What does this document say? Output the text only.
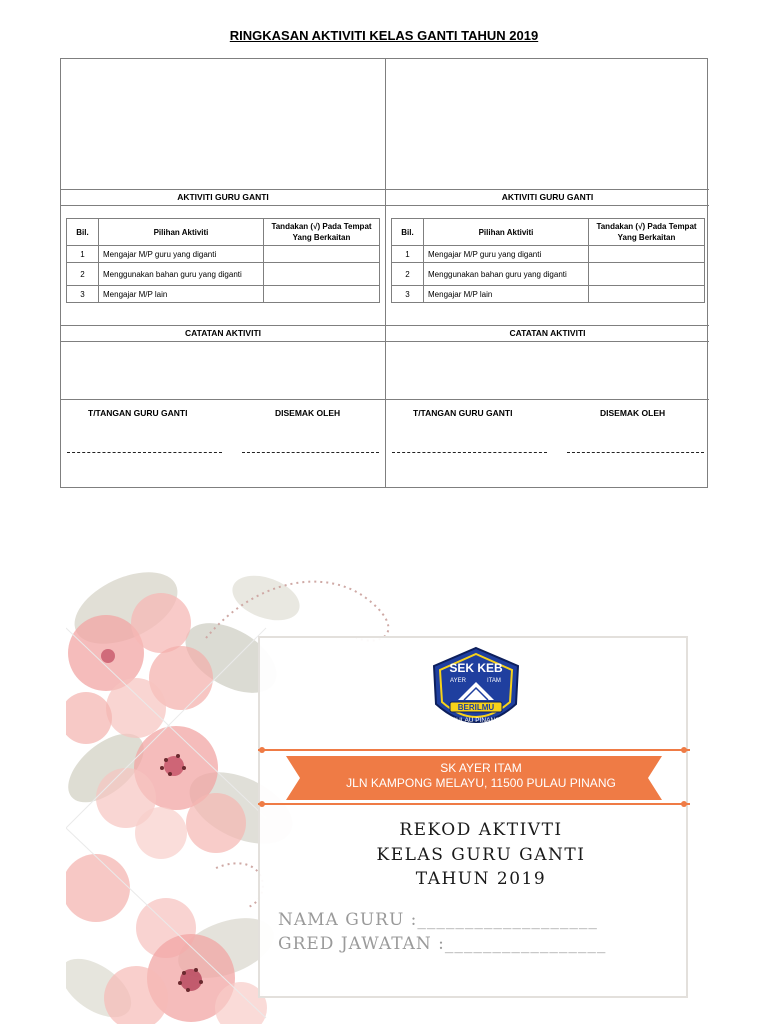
RINGKASAN AKTIVITI KELAS GANTI TAHUN 2019
AKTIVITI GURU GANTI
Bil.	Pilihan Aktiviti	Tandakan (√) Pada Tempat Yang Berkaitan
1	Mengajar M/P guru yang diganti	
2	Menggunakan bahan guru yang diganti	
3	Mengajar M/P lain	
CATATAN AKTIVITI
T/TANGAN GURU GANTI	DISEMAK OLEH
AKTIVITI GURU GANTI
Bil.	Pilihan Aktiviti	Tandakan (√) Pada Tempat Yang Berkaitan
1	Mengajar M/P guru yang diganti	
2	Menggunakan bahan guru yang diganti	
3	Mengajar M/P lain	
CATATAN AKTIVITI
T/TANGAN GURU GANTI	DISEMAK OLEH
SEK KEB
AYER	ITAM
BERILMU
PULAU PINANG
SK AYER ITAM
JLN KAMPONG MELAYU, 11500 PULAU PINANG
REKOD AKTIVTI
KELAS GURU GANTI
TAHUN 2019
NAMA GURU :___________________
GRED JAWATAN :_________________
